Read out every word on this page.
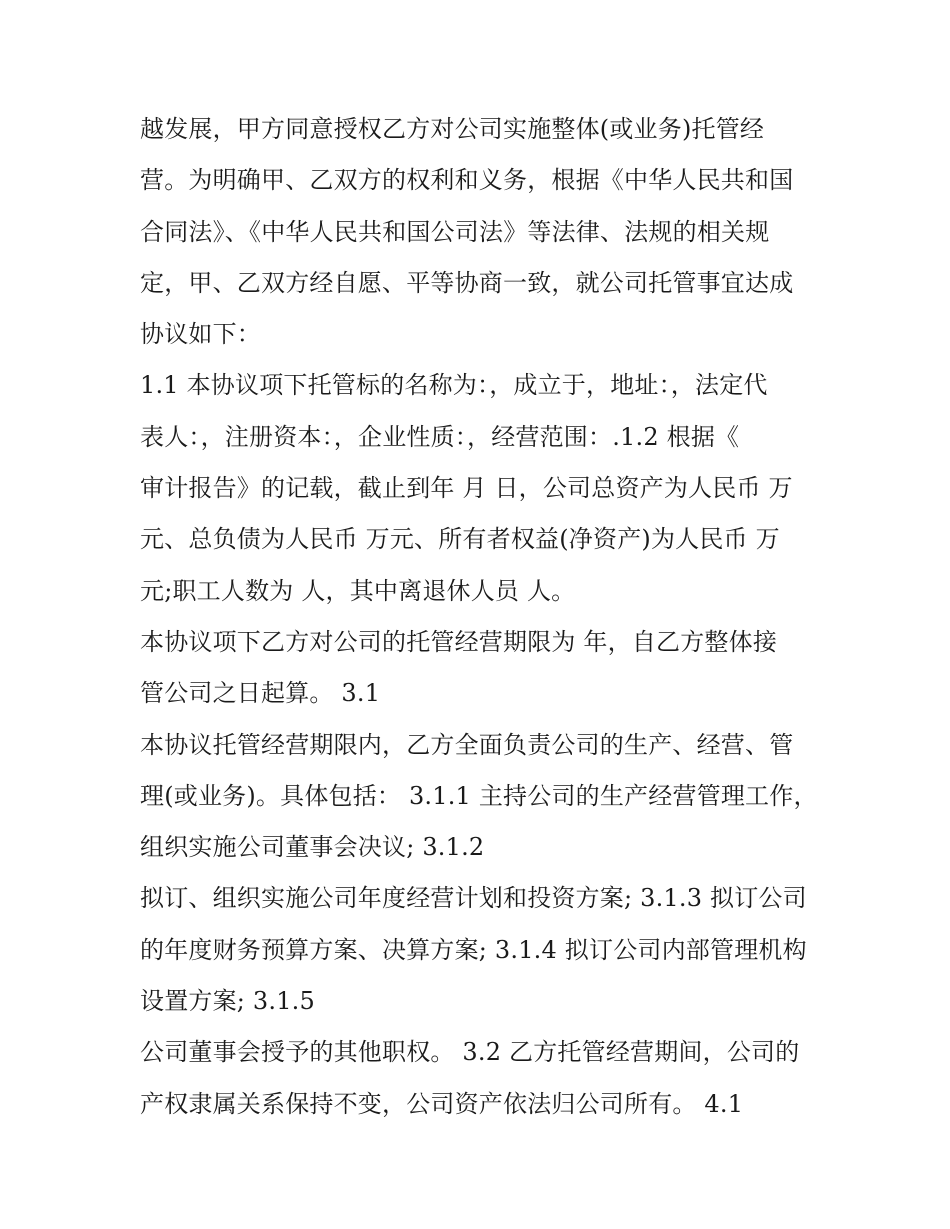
越发展，甲方同意授权乙方对公司实施整体(或业务)托管经
营。为明确甲、乙双方的权利和义务，根据《中华人民共和国
合同法》、《中华人民共和国公司法》等法律、法规的相关规
定，甲、乙双方经自愿、平等协商一致，就公司托管事宜达成
协议如下：
1.1 本协议项下托管标的名称为：，成立于，地址：，法定代
表人：，注册资本：，企业性质：，经营范围：.1.2 根据《
审计报告》的记载，截止到年 月 日，公司总资产为人民币 万
元、总负债为人民币 万元、所有者权益(净资产)为人民币 万
元;职工人数为 人，其中离退休人员 人。
本协议项下乙方对公司的托管经营期限为 年，自乙方整体接
管公司之日起算。 3.1
本协议托管经营期限内，乙方全面负责公司的生产、经营、管
理(或业务)。具体包括： 3.1.1 主持公司的生产经营管理工作，
组织实施公司董事会决议; 3.1.2
拟订、组织实施公司年度经营计划和投资方案; 3.1.3 拟订公司
的年度财务预算方案、决算方案; 3.1.4 拟订公司内部管理机构
设置方案; 3.1.5
公司董事会授予的其他职权。 3.2 乙方托管经营期间，公司的
产权隶属关系保持不变，公司资产依法归公司所有。 4.1
